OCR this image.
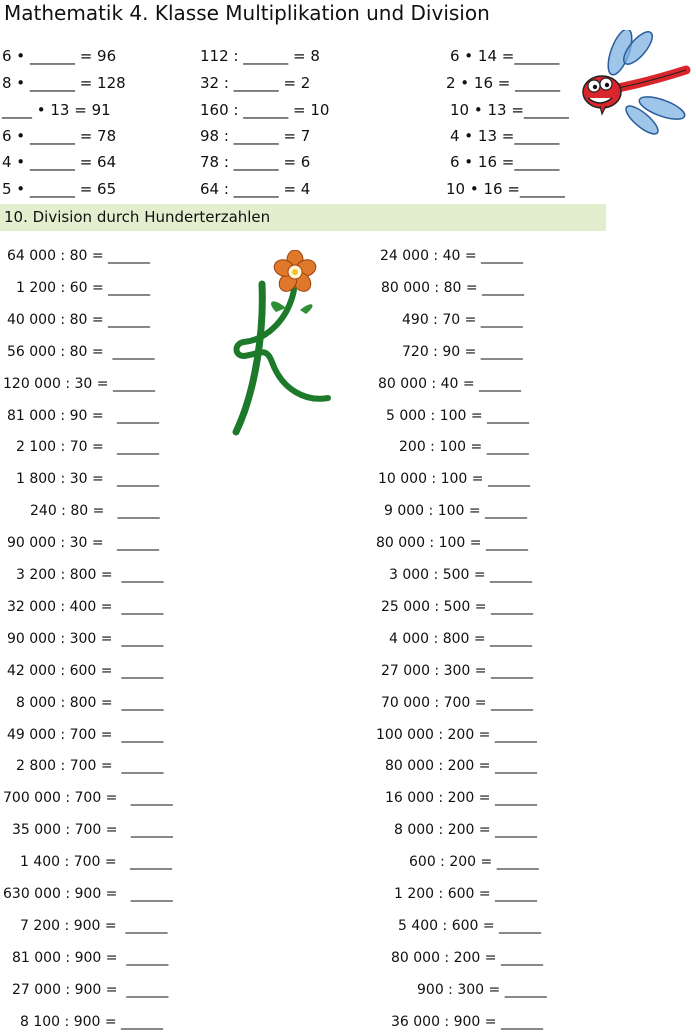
Mathematik 4. Klasse Multiplikation und Division
6 • ______ = 96
8 • ______ = 128
____ • 13 = 91
6 • ______ = 78
4 • ______ = 64
5 • ______ = 65
112 : ______ = 8
32 : ______ = 2
160 : ______ = 10
98 : ______ = 7
78 : ______ = 6
64 : ______ = 4
6 • 14 =______
2 • 16 = ______
10 • 13 =______
4 • 13 =______
6 • 16 =______
10 • 16 =______
10. Division durch Hunderterzahlen
64 000 : 80 = ______
1 200 : 60 = ______
40 000 : 80 = ______
56 000 : 80 =  ______
120 000 : 30 = ______
81 000 : 90 =   ______
2 100 : 70 =   ______
1 800 : 30 =   ______
240 : 80 =   ______
90 000 : 30 =   ______
3 200 : 800 =  ______
32 000 : 400 =  ______
90 000 : 300 =  ______
42 000 : 600 =  ______
8 000 : 800 =  ______
49 000 : 700 =  ______
2 800 : 700 =  ______
700 000 : 700 =   ______
35 000 : 700 =   ______
1 400 : 700 =   ______
630 000 : 900 =   ______
7 200 : 900 =  ______
81 000 : 900 =  ______
27 000 : 900 =  ______
8 100 : 900 = ______
24 000 : 40 = ______
80 000 : 80 = ______
490 : 70 = ______
720 : 90 = ______
80 000 : 40 = ______
5 000 : 100 = ______
200 : 100 = ______
10 000 : 100 = ______
9 000 : 100 = ______
80 000 : 100 = ______
3 000 : 500 = ______
25 000 : 500 = ______
4 000 : 800 = ______
27 000 : 300 = ______
70 000 : 700 = ______
100 000 : 200 = ______
80 000 : 200 = ______
16 000 : 200 = ______
8 000 : 200 = ______
600 : 200 = ______
1 200 : 600 = ______
5 400 : 600 = ______
80 000 : 200 = ______
900 : 300 = ______
36 000 : 900 = ______
